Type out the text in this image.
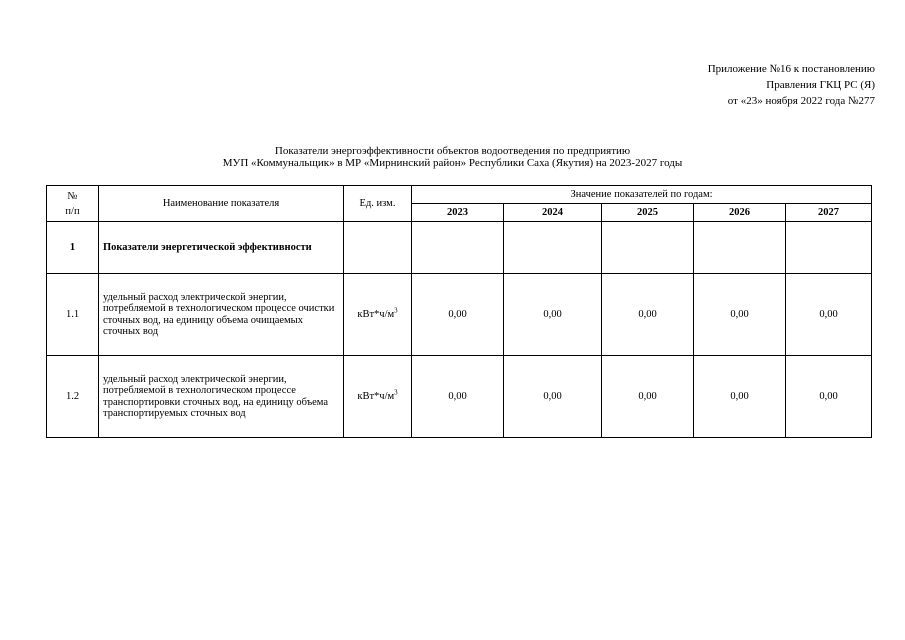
Приложение №16 к постановлению
Правления ГКЦ РС (Я)
от «23» ноября 2022 года №277
Показатели энергоэффективности объектов водоотведения по предприятию
МУП «Коммунальщик» в МР «Мирнинский район» Республики Саха (Якутия) на 2023-2027 годы
№
п/п	Наименование показателя	Ед. изм.	Значение показателей по годам:				
			2023	2024	2025	2026	2027
1	Показатели энергетической эффективности						
1.1	удельный расход электрической энергии, потребляемой в технологическом процессе очистки сточных вод, на единицу объема очищаемых сточных вод	$кВт*ч/м^3$	0,00	0,00	0,00	0,00	0,00
1.2	удельный расход электрической энергии, потребляемой в технологическом процессе транспортировки сточных вод, на единицу объема транспортируемых сточных вод	$кВт*ч/м^3$	0,00	0,00	0,00	0,00	0,00
